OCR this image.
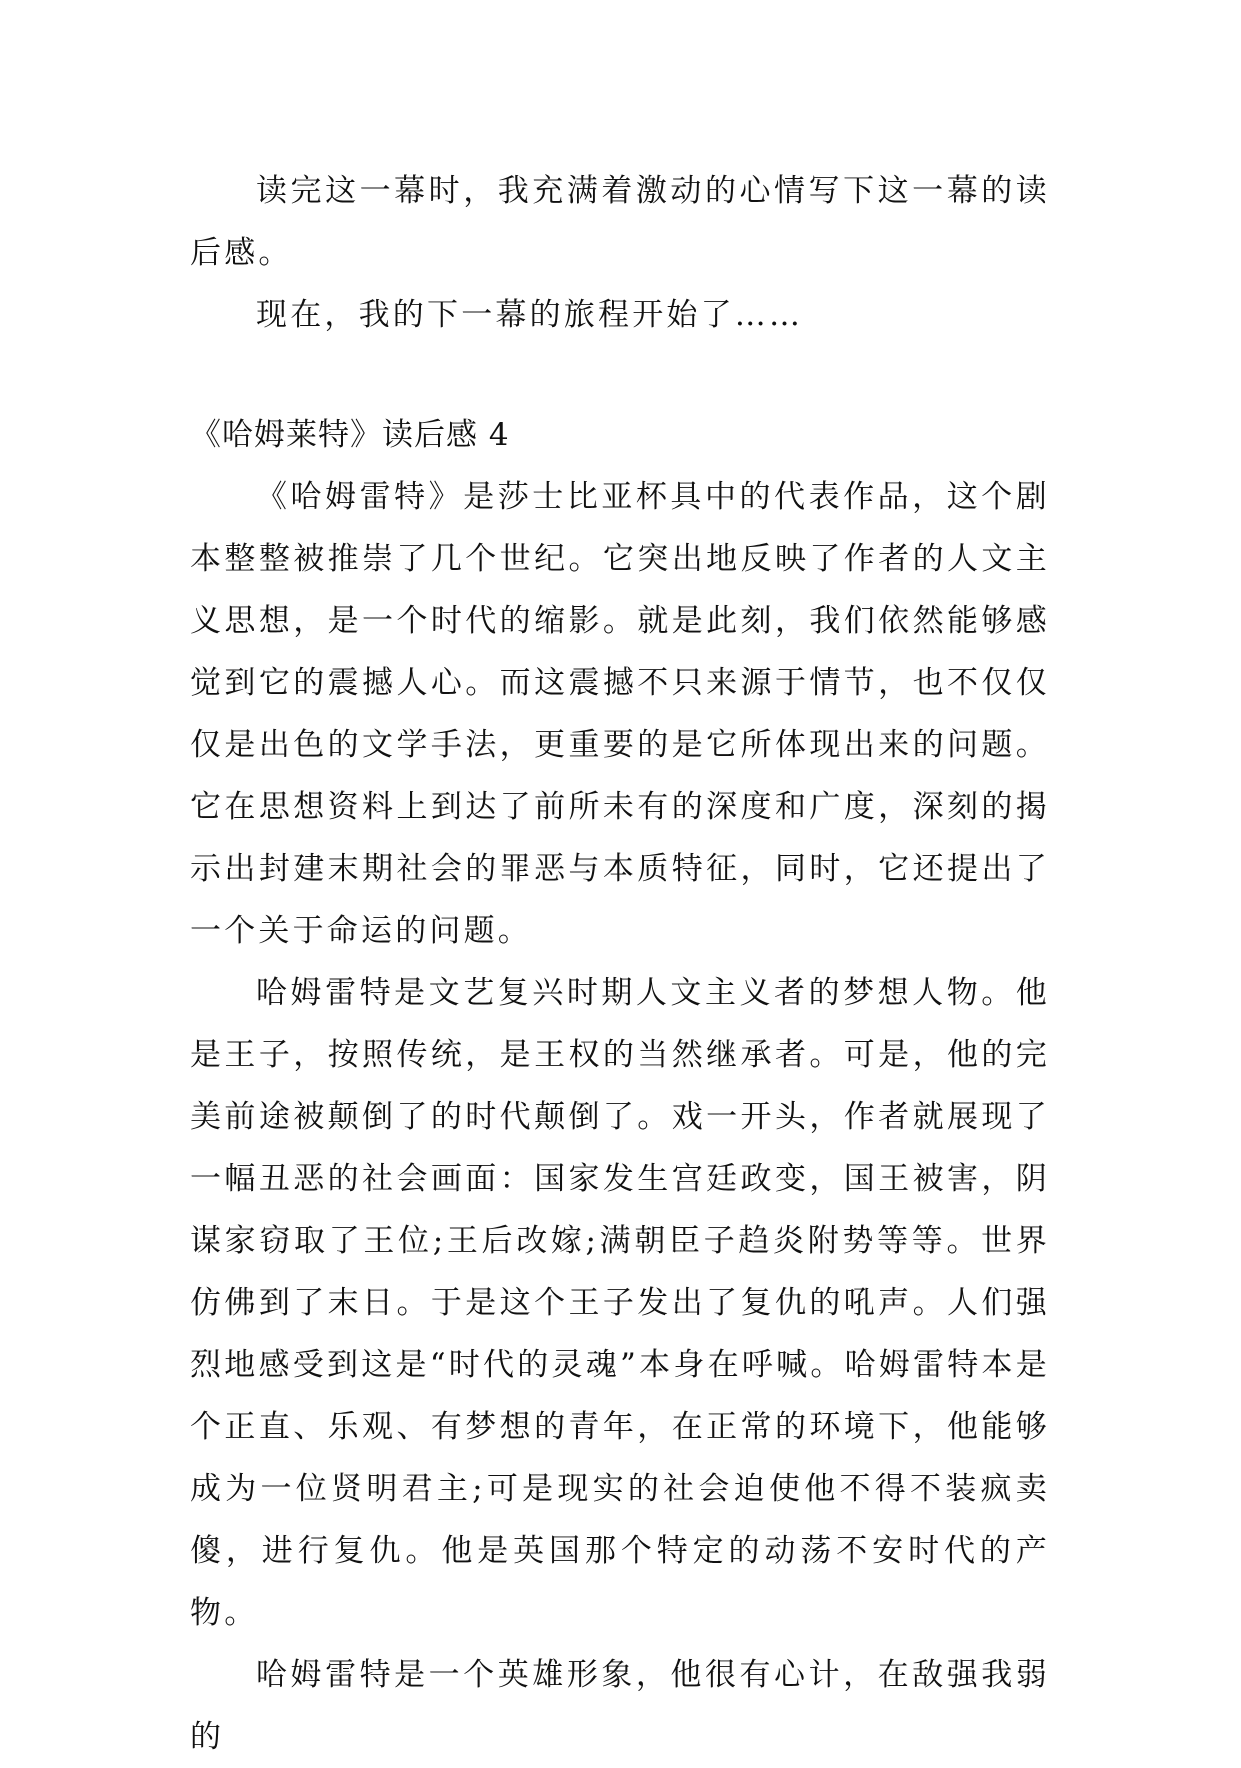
读完这一幕时，我充满着激动的心情写下这一幕的读后感。

现在，我的下一幕的旅程开始了……

《哈姆莱特》读后感 4

《哈姆雷特》是莎士比亚杯具中的代表作品，这个剧本整整被推崇了几个世纪。它突出地反映了作者的人文主义思想，是一个时代的缩影。就是此刻，我们依然能够感觉到它的震撼人心。而这震撼不只来源于情节，也不仅仅仅是出色的文学手法，更重要的是它所体现出来的问题。它在思想资料上到达了前所未有的深度和广度，深刻的揭示出封建末期社会的罪恶与本质特征，同时，它还提出了一个关于命运的问题。

哈姆雷特是文艺复兴时期人文主义者的梦想人物。他是王子，按照传统，是王权的当然继承者。可是，他的完美前途被颠倒了的时代颠倒了。戏一开头，作者就展现了一幅丑恶的社会画面：国家发生宫廷政变，国王被害，阴谋家窃取了王位;王后改嫁;满朝臣子趋炎附势等等。世界仿佛到了末日。于是这个王子发出了复仇的吼声。人们强烈地感受到这是“时代的灵魂”本身在呼喊。哈姆雷特本是个正直、乐观、有梦想的青年，在正常的环境下，他能够成为一位贤明君主;可是现实的社会迫使他不得不装疯卖傻，进行复仇。他是英国那个特定的动荡不安时代的产物。

哈姆雷特是一个英雄形象，他很有心计，在敌强我弱的
